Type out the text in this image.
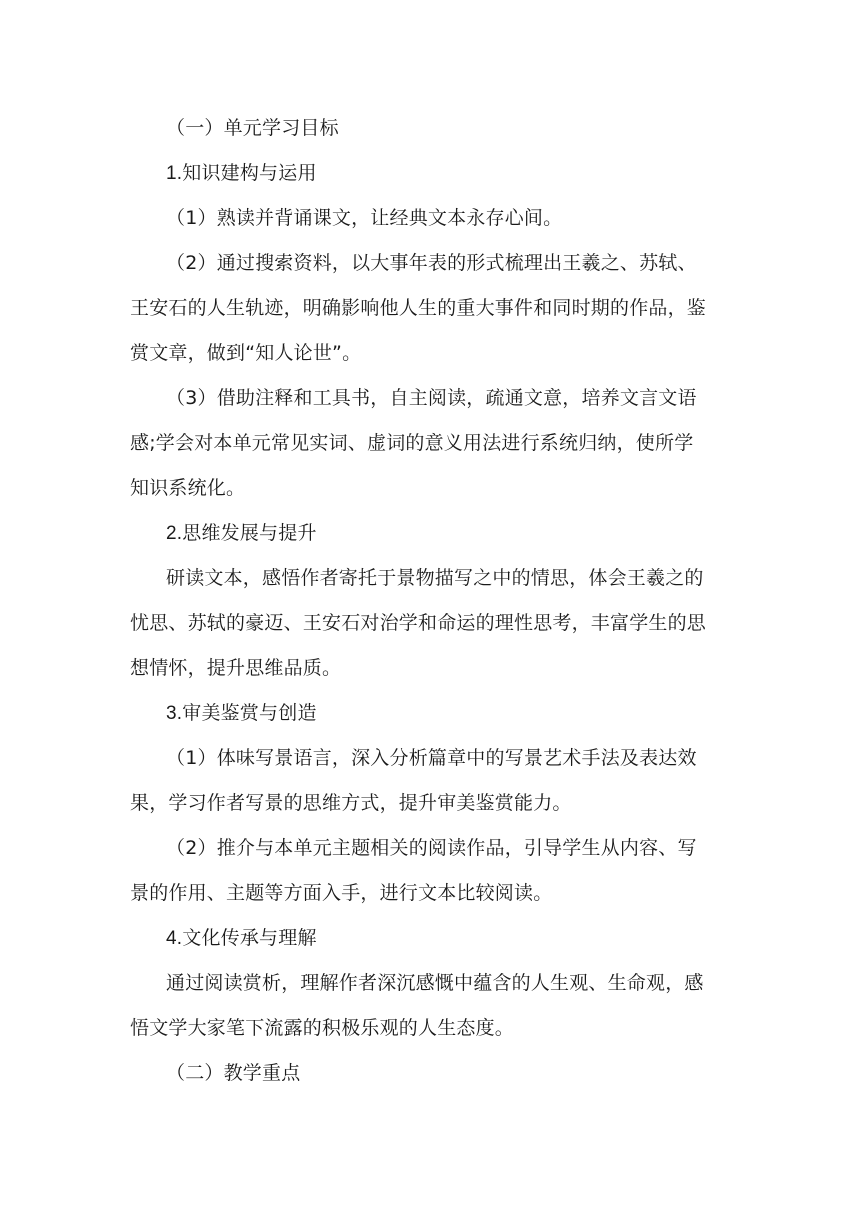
（一）单元学习目标
1.知识建构与运用
（1）熟读并背诵课文，让经典文本永存心间。
（2）通过搜索资料，以大事年表的形式梳理出王羲之、苏轼、
王安石的人生轨迹，明确影响他人生的重大事件和同时期的作品，鉴
赏文章，做到“知人论世”。
（3）借助注释和工具书，自主阅读，疏通文意，培养文言文语
感;学会对本单元常见实词、虚词的意义用法进行系统归纳，使所学
知识系统化。
2.思维发展与提升
研读文本，感悟作者寄托于景物描写之中的情思，体会王羲之的
忧思、苏轼的豪迈、王安石对治学和命运的理性思考，丰富学生的思
想情怀，提升思维品质。
3.审美鉴赏与创造
（1）体味写景语言，深入分析篇章中的写景艺术手法及表达效
果，学习作者写景的思维方式，提升审美鉴赏能力。
（2）推介与本单元主题相关的阅读作品，引导学生从内容、写
景的作用、主题等方面入手，进行文本比较阅读。
4.文化传承与理解
通过阅读赏析，理解作者深沉感慨中蕴含的人生观、生命观，感
悟文学大家笔下流露的积极乐观的人生态度。
（二）教学重点
